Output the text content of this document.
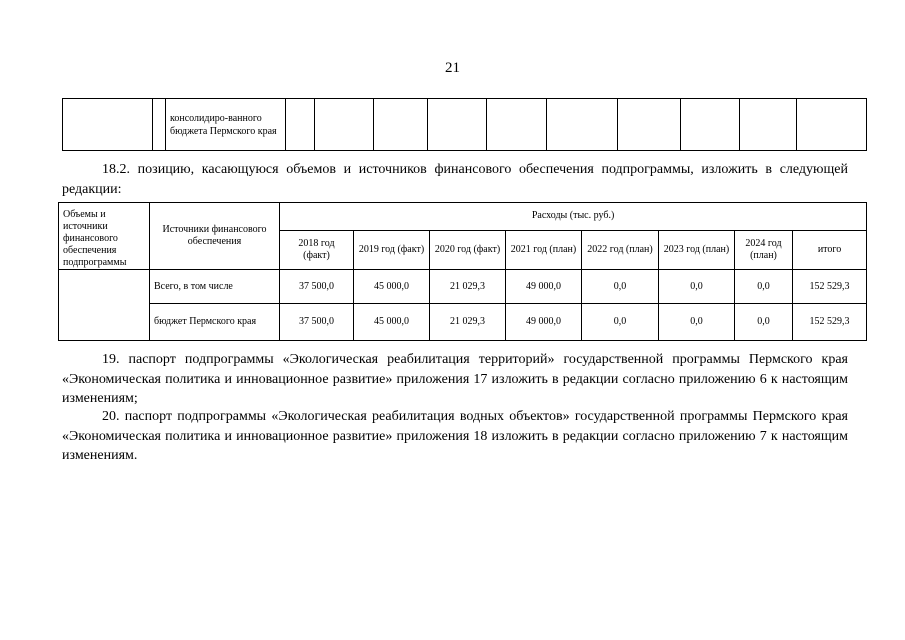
21
		консолидиро-ванного бюджета Пермского края										
18.2. позицию, касающуюся объемов и источников финансового обеспечения подпрограммы, изложить в следующей редакции:
Объемы и источники финансового обеспечения подпрограммы	Источники финансового обеспечения	Расходы (тыс. руб.)							
		2018 год (факт)	2019 год (факт)	2020 год (факт)	2021 год (план)	2022 год (план)	2023 год (план)	2024 год (план)	итого
	Всего, в том числе	37 500,0	45 000,0	21 029,3	49 000,0	0,0	0,0	0,0	152 529,3
	бюджет Пермского края	37 500,0	45 000,0	21 029,3	49 000,0	0,0	0,0	0,0	152 529,3
19. паспорт подпрограммы «Экологическая реабилитация территорий» государственной программы Пермского края «Экономическая политика и инновационное развитие» приложения 17 изложить в редакции согласно приложению 6 к настоящим изменениям;
20. паспорт подпрограммы «Экологическая реабилитация водных объектов» государственной программы Пермского края «Экономическая политика и инновационное развитие» приложения 18 изложить в редакции согласно приложению 7 к настоящим изменениям.
